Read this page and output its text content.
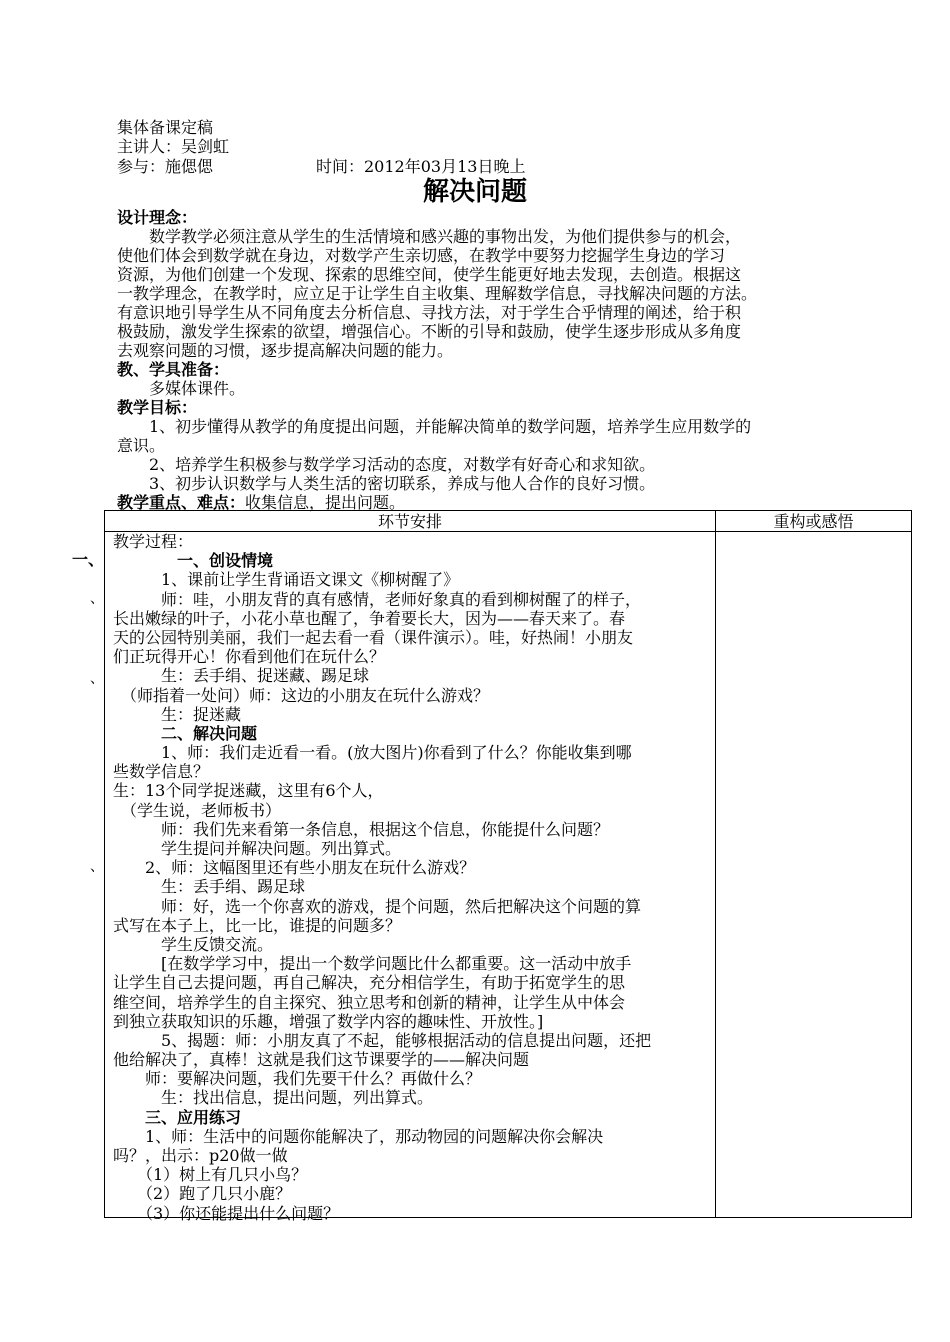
集体备课定稿
主讲人：吴剑虹
参与：施偲偲	时间：2012年03月13日晚上
解决问题

设计理念：

　　数学教学必须注意从学生的生活情境和感兴趣的事物出发，为他们提供参与的机会，

使他们体会到数学就在身边，对数学产生亲切感，在教学中要努力挖掘学生身边的学习

资源，为他们创建一个发现、探索的思维空间，使学生能更好地去发现，去创造。根据这

一教学理念，在教学时，应立足于让学生自主收集、理解数学信息，寻找解决问题的方法。

有意识地引导学生从不同角度去分析信息、寻找方法，对于学生合乎情理的阐述，给于积

极鼓励，激发学生探索的欲望，增强信心。不断的引导和鼓励，使学生逐步形成从多角度

去观察问题的习惯，逐步提高解决问题的能力。

教、学具准备：

　　多媒体课件。

教学目标：

　　1、初步懂得从教学的角度提出问题，并能解决简单的数学问题，培养学生应用数学的

意识。

　　2、培养学生积极参与数学学习活动的态度，对数学有好奇心和求知欲。

　　3、初步认识数学与人类生活的密切联系，养成与他人合作的良好习惯。

教学重点、难点：收集信息，提出问题。

一、
、
、
、
环节安排	重构或感悟
教学过程：
　　　　一、创设情境
　　　1、课前让学生背诵语文课文《柳树醒了》
　　　师：哇，小朋友背的真有感情，老师好象真的看到柳树醒了的样子，
长出嫩绿的叶子，小花小草也醒了，争着要长大，因为——春天来了。春
天的公园特别美丽，我们一起去看一看（课件演示）。哇，好热闹！小朋友
们正玩得开心！你看到他们在玩什么？
　　　生：丢手绢、捉迷藏、踢足球
　（师指着一处问）师：这边的小朋友在玩什么游戏？
　　　生：捉迷藏
　　　二、解决问题
　　　1、师：我们走近看一看。(放大图片)你看到了什么？你能收集到哪
些数学信息？
生：13个同学捉迷藏，这里有6个人，
　（学生说，老师板书）
　　　师：我们先来看第一条信息，根据这个信息，你能提什么问题？
　　　学生提问并解决问题。列出算式。
　　2、师：这幅图里还有些小朋友在玩什么游戏？
　　　生：丢手绢、踢足球
　　　师：好，选一个你喜欢的游戏，提个问题，然后把解决这个问题的算
式写在本子上，比一比，谁提的问题多？
　　　学生反馈交流。
　　　[在数学学习中，提出一个数学问题比什么都重要。这一活动中放手
让学生自己去提问题，再自己解决，充分相信学生，有助于拓宽学生的思
维空间，培养学生的自主探究、独立思考和创新的精神，让学生从中体会
到独立获取知识的乐趣，增强了数学内容的趣味性、开放性。]
　　　5、揭题：师：小朋友真了不起，能够根据活动的信息提出问题，还把
他给解决了，真棒！这就是我们这节课要学的——解决问题
　　师：要解决问题，我们先要干什么？再做什么？
　　　生：找出信息，提出问题，列出算式。
　　三、应用练习
　　1、师：生活中的问题你能解决了，那动物园的问题解决你会解决
吗？，出示：p20做一做
　　（1）树上有几只小鸟？
　　（2）跑了几只小鹿？
　　（3）你还能提出什么问题？
